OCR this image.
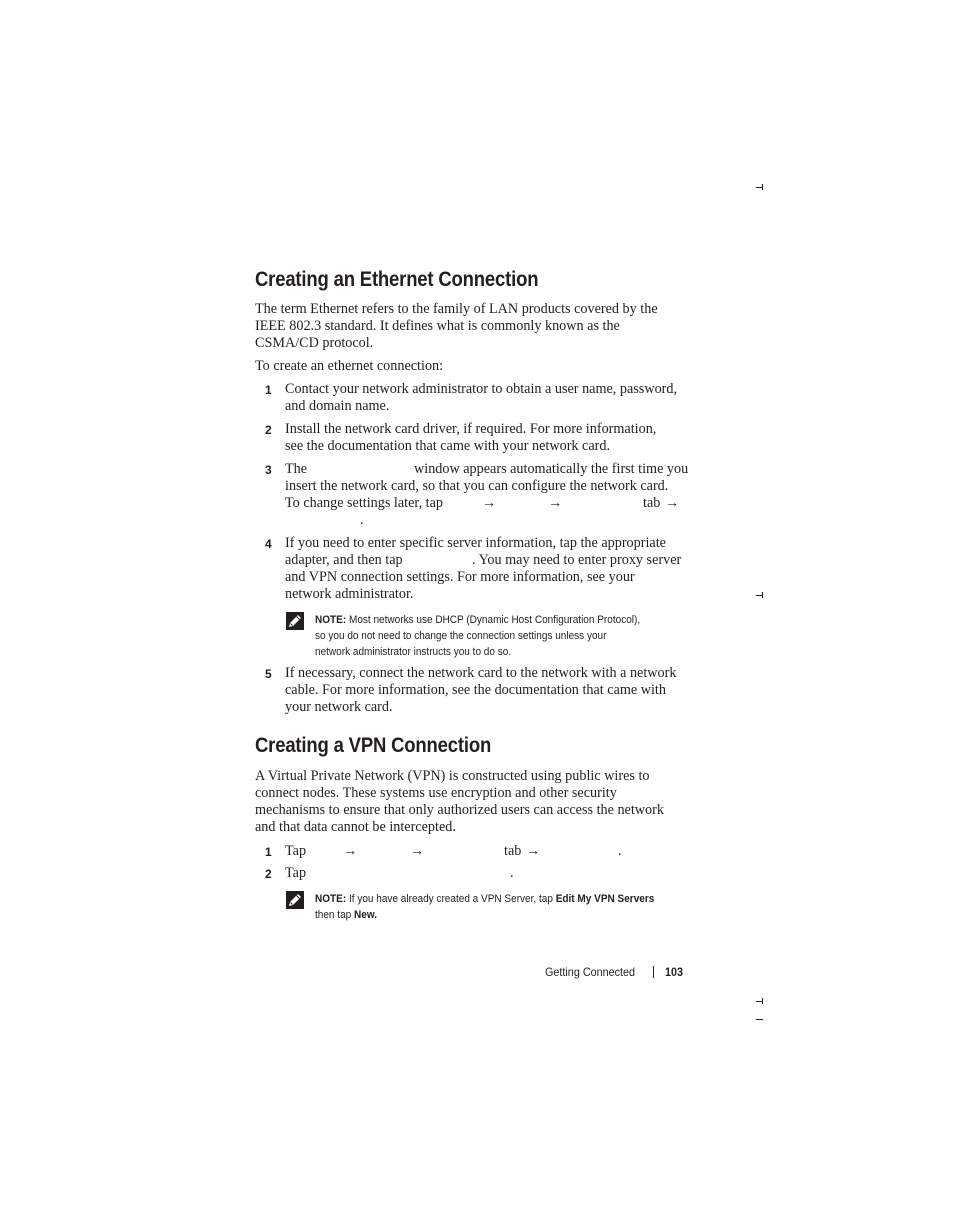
Creating an Ethernet Connection
The term Ethernet refers to the family of LAN products covered by the
IEEE 802.3 standard. It defines what is commonly known as the
CSMA/CD protocol.
To create an ethernet connection:
1 Contact your network administrator to obtain a user name, password,
and domain name.
2 Install the network card driver, if required. For more information,
see the documentation that came with your network card.
3 The	window appears automatically the first time you
insert the network card, so that you can configure the network card.
To change settings later, tap	→	→	tab →
.
4 If you need to enter specific server information, tap the appropriate
adapter, and then tap	. You may need to enter proxy server
and VPN connection settings. For more information, see your
network administrator.
NOTE: Most networks use DHCP (Dynamic Host Configuration Protocol),
so you do not need to change the connection settings unless your
network administrator instructs you to do so.
5 If necessary, connect the network card to the network with a network
cable. For more information, see the documentation that came with
your network card.
Creating a VPN Connection
A Virtual Private Network (VPN) is constructed using public wires to
connect nodes. These systems use encryption and other security
mechanisms to ensure that only authorized users can access the network
and that data cannot be intercepted.
1 Tap	→	→	tab →	.
2 Tap	.
NOTE: If you have already created a VPN Server, tap Edit My VPN Servers
then tap New.
Getting Connected 103
